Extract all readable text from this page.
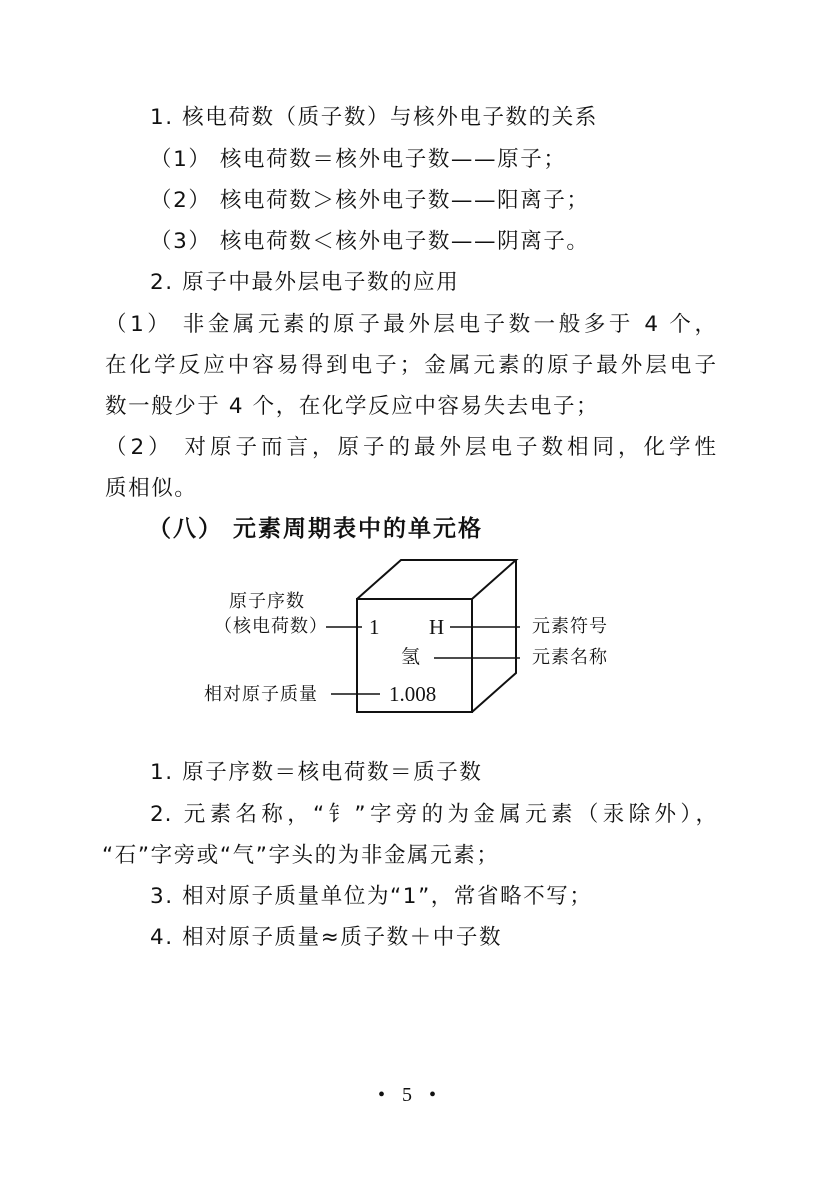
1. 核电荷数（质子数）与核外电子数的关系
（1） 核电荷数＝核外电子数——原子；
（2） 核电荷数＞核外电子数——阳离子；
（3） 核电荷数＜核外电子数——阴离子。
2. 原子中最外层电子数的应用
（1） 非金属元素的原子最外层电子数一般多于 4 个，
在化学反应中容易得到电子；金属元素的原子最外层电子
数一般少于 4 个，在化学反应中容易失去电子；
（2） 对原子而言，原子的最外层电子数相同，化学性
质相似。
（八） 元素周期表中的单元格
原子序数
（核电荷数）
相对原子质量
元素符号
元素名称
1 H
氢
1.008
1. 原子序数＝核电荷数＝质子数
2. 元素名称，“钅”字旁的为金属元素（汞除外），
“石”字旁或“气”字头的为非金属元素；
3. 相对原子质量单位为“1”，常省略不写；
4. 相对原子质量≈质子数＋中子数
• 5 •
